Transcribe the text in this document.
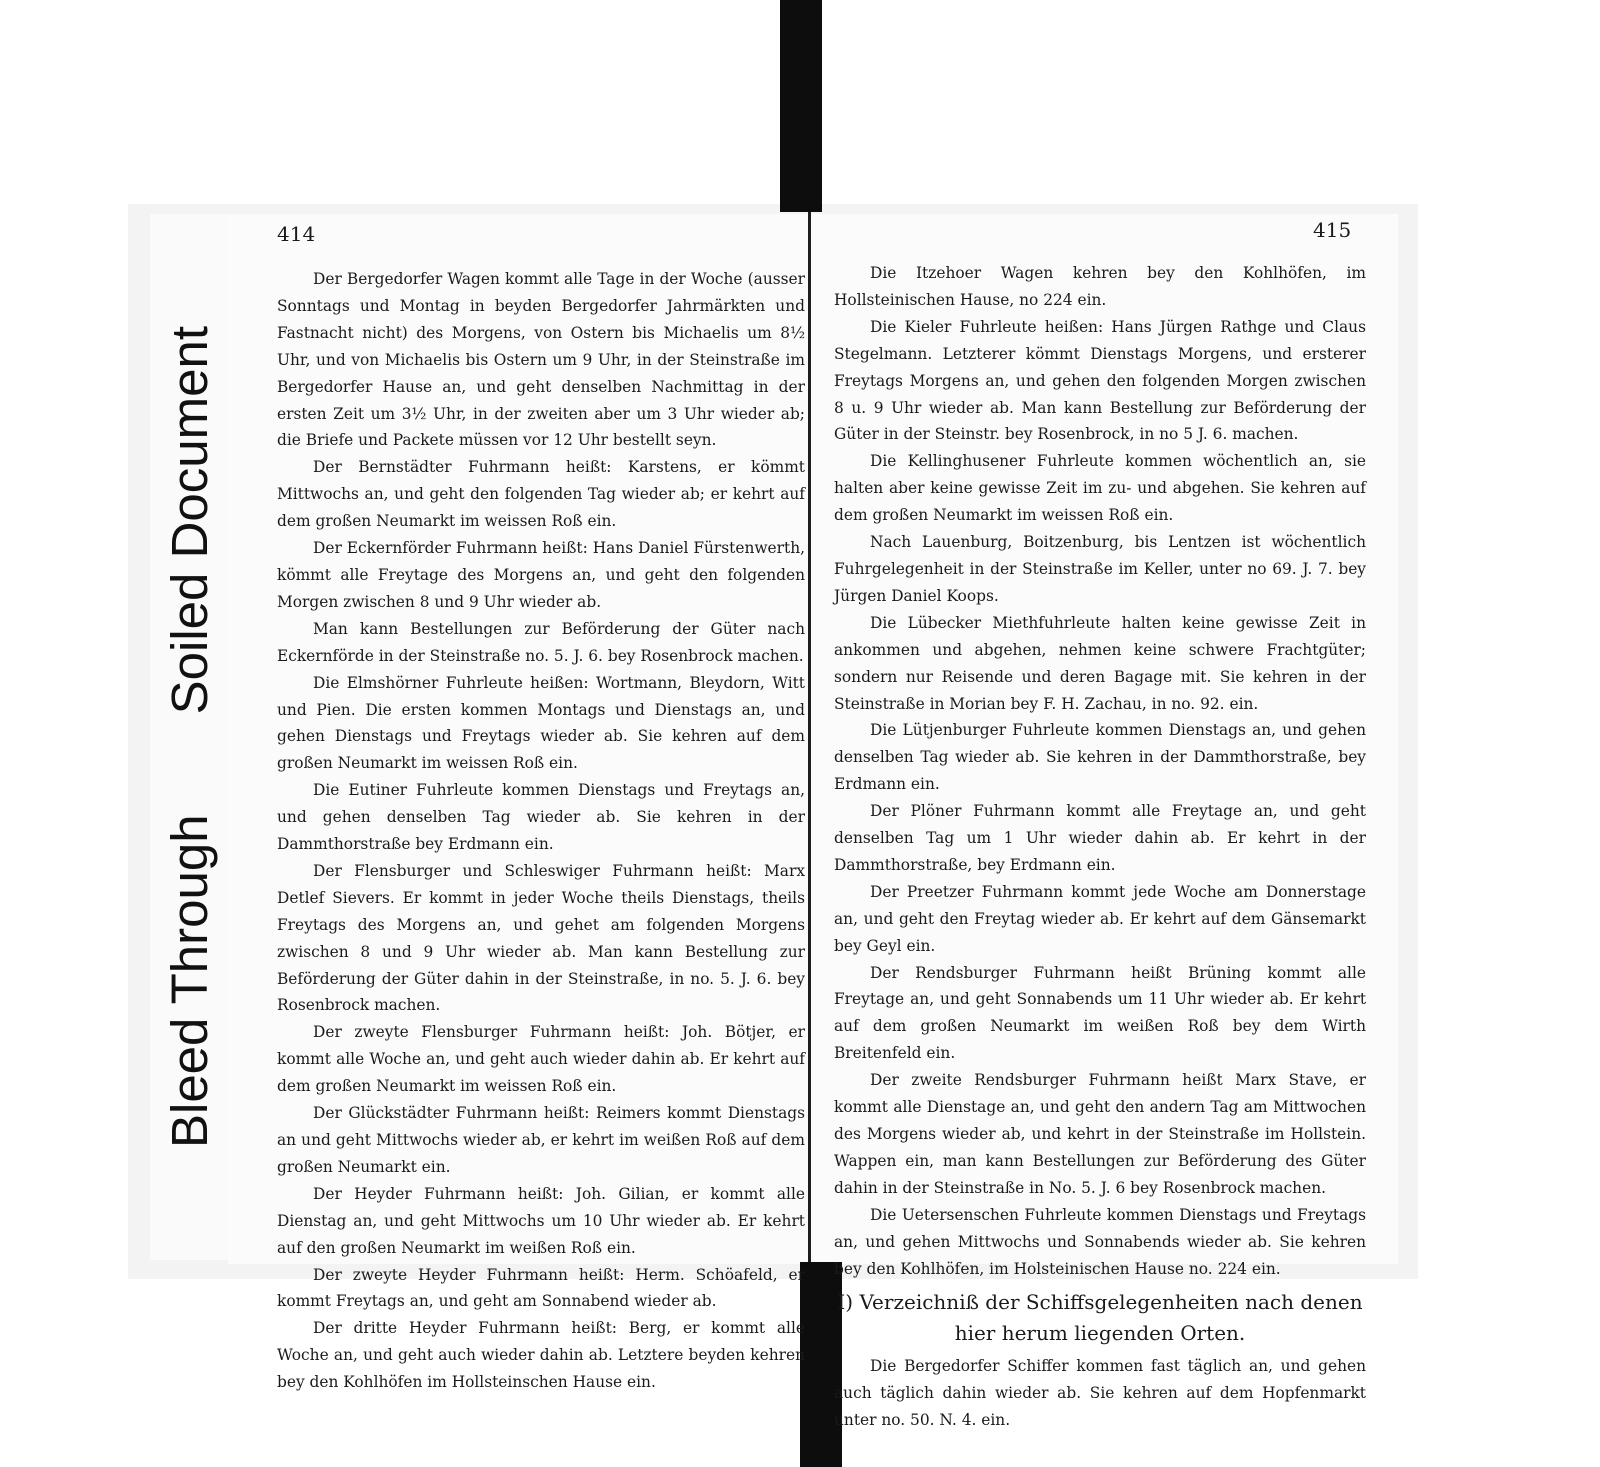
Bleed Through
Soiled Document
414	415

Der Bergedorfer Wagen kommt alle Tage in der Woche (ausser Sonntags und Montag in beyden Bergedorfer Jahrmärkten und Fastnacht nicht) des Morgens, von Ostern bis Michaelis um 8½ Uhr, und von Michaelis bis Ostern um 9 Uhr, in der Steinstraße im Bergedorfer Hause an, und geht denselben Nachmittag in der ersten Zeit um 3½ Uhr, in der zweiten aber um 3 Uhr wieder ab; die Briefe und Packete müssen vor 12 Uhr bestellt seyn.

Der Bernstädter Fuhrmann heißt: Karstens, er kömmt Mittwochs an, und geht den folgenden Tag wieder ab; er kehrt auf dem großen Neumarkt im weissen Roß ein.

Der Eckernförder Fuhrmann heißt: Hans Daniel Fürstenwerth, kömmt alle Freytage des Morgens an, und geht den folgenden Morgen zwischen 8 und 9 Uhr wieder ab.

Man kann Bestellungen zur Beförderung der Güter nach Eckernförde in der Steinstraße no. 5. J. 6. bey Rosenbrock machen.

Die Elmshörner Fuhrleute heißen: Wortmann, Bleydorn, Witt und Pien. Die ersten kommen Montags und Dienstags an, und gehen Dienstags und Freytags wieder ab. Sie kehren auf dem großen Neumarkt im weissen Roß ein.

Die Eutiner Fuhrleute kommen Dienstags und Freytags an, und gehen denselben Tag wieder ab. Sie kehren in der Dammthorstraße bey Erdmann ein.

Der Flensburger und Schleswiger Fuhrmann heißt: Marx Detlef Sievers. Er kommt in jeder Woche theils Dienstags, theils Freytags des Morgens an, und gehet am folgenden Morgens zwischen 8 und 9 Uhr wieder ab. Man kann Bestellung zur Beförderung der Güter dahin in der Steinstraße, in no. 5. J. 6. bey Rosenbrock machen.

Der zweyte Flensburger Fuhrmann heißt: Joh. Bötjer, er kommt alle Woche an, und geht auch wieder dahin ab. Er kehrt auf dem großen Neumarkt im weissen Roß ein.

Der Glückstädter Fuhrmann heißt: Reimers kommt Dienstags an und geht Mittwochs wieder ab, er kehrt im weißen Roß auf dem großen Neumarkt ein.

Der Heyder Fuhrmann heißt: Joh. Gilian, er kommt alle Dienstag an, und geht Mittwochs um 10 Uhr wieder ab. Er kehrt auf den großen Neumarkt im weißen Roß ein.

Der zweyte Heyder Fuhrmann heißt: Herm. Schöafeld, er kommt Freytags an, und geht am Sonnabend wieder ab.

Der dritte Heyder Fuhrmann heißt: Berg, er kommt alle Woche an, und geht auch wieder dahin ab. Letztere beyden kehren bey den Kohlhöfen im Hollsteinschen Hause ein.

Die Itzehoer Wagen kehren bey den Kohlhöfen, im Hollsteinischen Hause, no 224 ein.

Die Kieler Fuhrleute heißen: Hans Jürgen Rathge und Claus Stegelmann. Letzterer kömmt Dienstags Morgens, und ersterer Freytags Morgens an, und gehen den folgenden Morgen zwischen 8 u. 9 Uhr wieder ab. Man kann Bestellung zur Beförderung der Güter in der Steinstr. bey Rosenbrock, in no 5 J. 6. machen.

Die Kellinghusener Fuhrleute kommen wöchentlich an, sie halten aber keine gewisse Zeit im zu- und abgehen. Sie kehren auf dem großen Neumarkt im weissen Roß ein.

Nach Lauenburg, Boitzenburg, bis Lentzen ist wöchentlich Fuhrgelegenheit in der Steinstraße im Keller, unter no 69. J. 7. bey Jürgen Daniel Koops.

Die Lübecker Miethfuhrleute halten keine gewisse Zeit in ankommen und abgehen, nehmen keine schwere Frachtgüter; sondern nur Reisende und deren Bagage mit. Sie kehren in der Steinstraße in Morian bey F. H. Zachau, in no. 92. ein.

Die Lütjenburger Fuhrleute kommen Dienstags an, und gehen denselben Tag wieder ab. Sie kehren in der Dammthorstraße, bey Erdmann ein.

Der Plöner Fuhrmann kommt alle Freytage an, und geht denselben Tag um 1 Uhr wieder dahin ab. Er kehrt in der Dammthorstraße, bey Erdmann ein.

Der Preetzer Fuhrmann kommt jede Woche am Donnerstage an, und geht den Freytag wieder ab. Er kehrt auf dem Gänsemarkt bey Geyl ein.

Der Rendsburger Fuhrmann heißt Brüning kommt alle Freytage an, und geht Sonnabends um 11 Uhr wieder ab. Er kehrt auf dem großen Neumarkt im weißen Roß bey dem Wirth Breitenfeld ein.

Der zweite Rendsburger Fuhrmann heißt Marx Stave, er kommt alle Dienstage an, und geht den andern Tag am Mittwochen des Morgens wieder ab, und kehrt in der Steinstraße im Hollstein. Wappen ein, man kann Bestellungen zur Beförderung des Güter dahin in der Steinstraße in No. 5. J. 6 bey Rosenbrock machen.

Die Uetersenschen Fuhrleute kommen Dienstags und Freytags an, und gehen Mittwochs und Sonnabends wieder ab. Sie kehren bey den Kohlhöfen, im Holsteinischen Hause no. 224 ein.

I) Verzeichniß der Schiffsgelegenheiten nach denen
hier herum liegenden Orten.

Die Bergedorfer Schiffer kommen fast täglich an, und gehen auch täglich dahin wieder ab. Sie kehren auf dem Hopfenmarkt unter no. 50. N. 4. ein.
